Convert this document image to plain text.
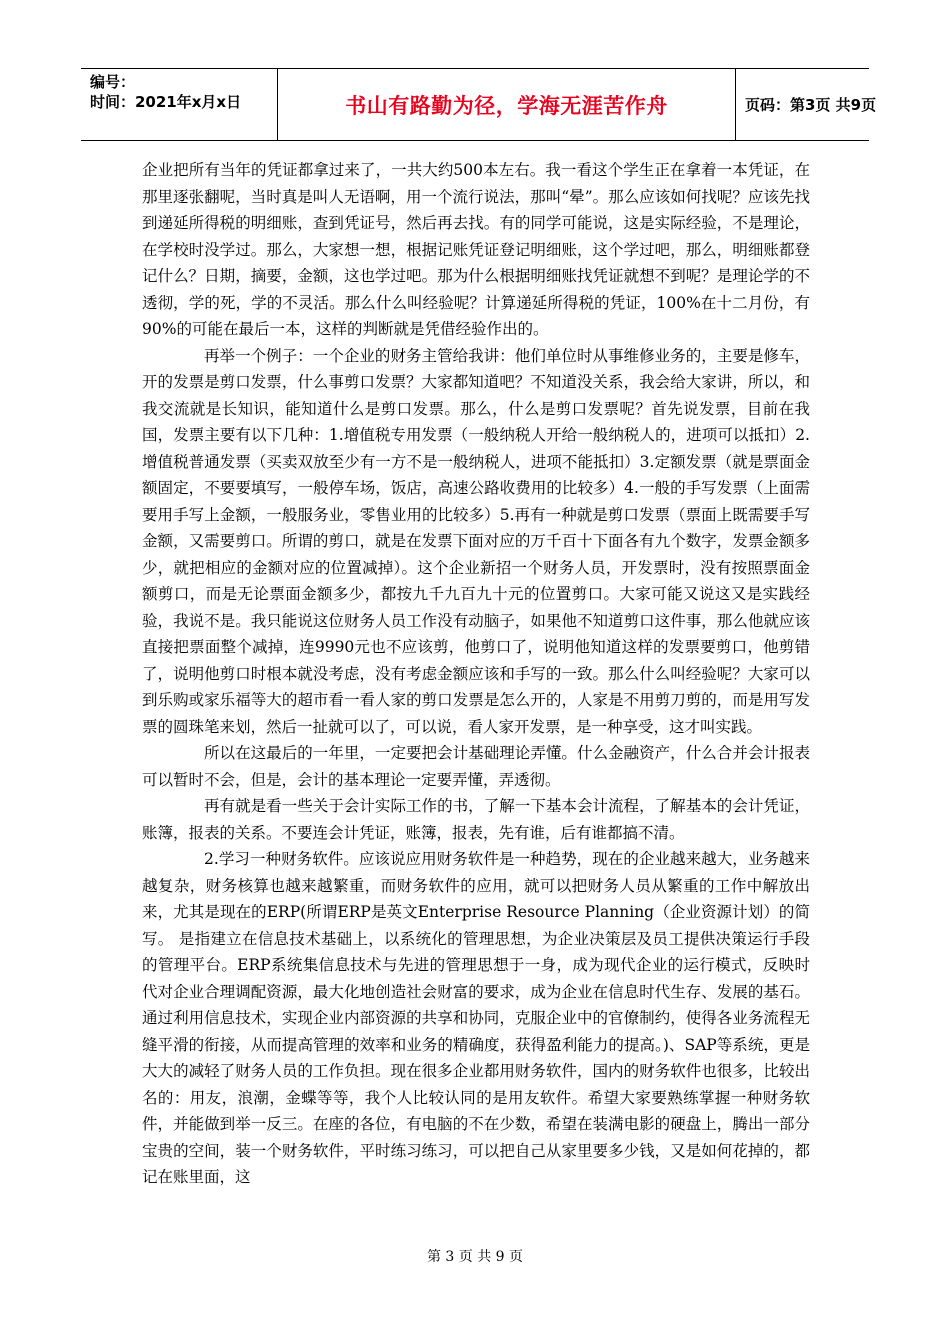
编号：
时间：2021年x月x日	书山有路勤为径，学海无涯苦作舟	页码：第3页 共9页

企业把所有当年的凭证都拿过来了，一共大约500本左右。我一看这个学生正在拿着一本凭证，在那里逐张翻呢，当时真是叫人无语啊，用一个流行说法，那叫“晕”。那么应该如何找呢？应该先找到递延所得税的明细账，查到凭证号，然后再去找。有的同学可能说，这是实际经验，不是理论，在学校时没学过。那么，大家想一想，根据记账凭证登记明细账，这个学过吧，那么，明细账都登记什么？日期，摘要，金额，这也学过吧。那为什么根据明细账找凭证就想不到呢？是理论学的不透彻，学的死，学的不灵活。那么什么叫经验呢？计算递延所得税的凭证，100%在十二月份，有90%的可能在最后一本，这样的判断就是凭借经验作出的。

再举一个例子：一个企业的财务主管给我讲：他们单位时从事维修业务的，主要是修车，开的发票是剪口发票，什么事剪口发票？大家都知道吧？不知道没关系，我会给大家讲，所以，和我交流就是长知识，能知道什么是剪口发票。那么，什么是剪口发票呢？首先说发票，目前在我国，发票主要有以下几种：1.增值税专用发票（一般纳税人开给一般纳税人的，进项可以抵扣）2.增值税普通发票（买卖双放至少有一方不是一般纳税人，进项不能抵扣）3.定额发票（就是票面金额固定，不要要填写，一般停车场，饭店，高速公路收费用的比较多）4.一般的手写发票（上面需要用手写上金额，一般服务业，零售业用的比较多）5.再有一种就是剪口发票（票面上既需要手写金额，又需要剪口。所谓的剪口，就是在发票下面对应的万千百十下面各有九个数字，发票金额多少，就把相应的金额对应的位置减掉）。这个企业新招一个财务人员，开发票时，没有按照票面金额剪口，而是无论票面金额多少，都按九千九百九十元的位置剪口。大家可能又说这又是实践经验，我说不是。我只能说这位财务人员工作没有动脑子，如果他不知道剪口这件事，那么他就应该直接把票面整个减掉，连9990元也不应该剪，他剪口了，说明他知道这样的发票要剪口，他剪错了，说明他剪口时根本就没考虑，没有考虑金额应该和手写的一致。那么什么叫经验呢？大家可以到乐购或家乐福等大的超市看一看人家的剪口发票是怎么开的，人家是不用剪刀剪的，而是用写发票的圆珠笔来划，然后一扯就可以了，可以说，看人家开发票，是一种享受，这才叫实践。

所以在这最后的一年里，一定要把会计基础理论弄懂。什么金融资产，什么合并会计报表可以暂时不会，但是，会计的基本理论一定要弄懂，弄透彻。

再有就是看一些关于会计实际工作的书，了解一下基本会计流程，了解基本的会计凭证，账簿，报表的关系。不要连会计凭证，账簿，报表，先有谁，后有谁都搞不清。

2.学习一种财务软件。应该说应用财务软件是一种趋势，现在的企业越来越大，业务越来越复杂，财务核算也越来越繁重，而财务软件的应用，就可以把财务人员从繁重的工作中解放出来，尤其是现在的ERP(所谓ERP是英文Enterprise Resource Planning（企业资源计划）的简写。 是指建立在信息技术基础上，以系统化的管理思想，为企业决策层及员工提供决策运行手段的管理平台。ERP系统集信息技术与先进的管理思想于一身，成为现代企业的运行模式，反映时代对企业合理调配资源，最大化地创造社会财富的要求，成为企业在信息时代生存、发展的基石。通过利用信息技术，实现企业内部资源的共享和协同，克服企业中的官僚制约，使得各业务流程无缝平滑的衔接，从而提高管理的效率和业务的精确度，获得盈利能力的提高。)、SAP等系统，更是大大的减轻了财务人员的工作负担。现在很多企业都用财务软件，国内的财务软件也很多，比较出名的：用友，浪潮，金蝶等等，我个人比较认同的是用友软件。希望大家要熟练掌握一种财务软件，并能做到举一反三。在座的各位，有电脑的不在少数，希望在装满电影的硬盘上，腾出一部分宝贵的空间，装一个财务软件，平时练习练习，可以把自己从家里要多少钱，又是如何花掉的，都记在账里面，这

第 3 页 共 9 页
